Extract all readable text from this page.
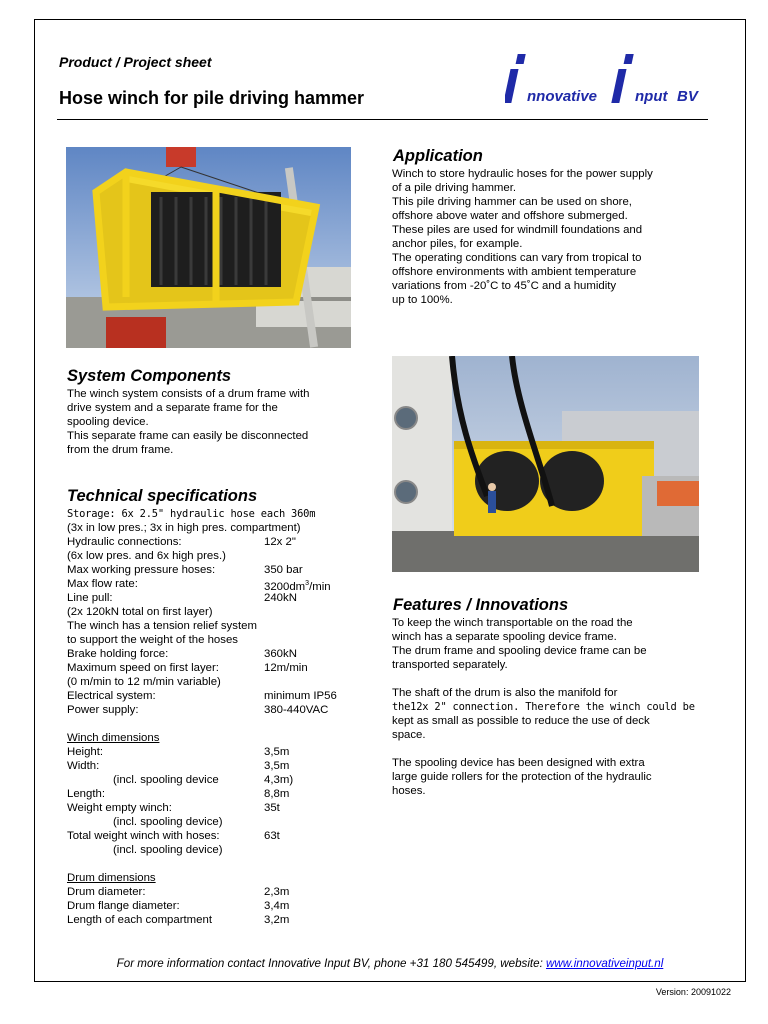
Product / Project sheet
Hose winch for pile driving hammer	nnovative	nput BV
Application
Winch to store hydraulic hoses for the power supply
of a pile driving hammer.
This pile driving hammer can be used on shore,
offshore above water and offshore submerged.
These piles are used for windmill foundations and
anchor piles, for example.
The operating conditions can vary from tropical to
offshore environments with ambient temperature
variations from -20˚C to 45˚C and a humidity
up to 100%.
System Components
The winch system consists of a drum frame with
drive system and a separate frame for the
spooling device.
This separate frame can easily be disconnected
from the drum frame.
Technical specifications
Storage: 6x 2.5" hydraulic hose each 360m
(3x in low pres.; 3x in high pres. compartment)
Hydraulic connections:	12x 2"
(6x low pres. and 6x high pres.)
Max working pressure hoses:	350 bar
Max flow rate:	$3200dm^3/\min$
Line pull:	240kN
(2x 120kN total on first layer)
The winch has a tension relief system
to support the weight of the hoses
Brake holding force:	360kN
Maximum speed on first layer:	12m/min
(0 m/min to 12 m/min variable)
Electrical system:	minimum IP56
Power supply:	380-440VAC
Winch dimensions
Height:	3,5m
Width:	3,5m
(incl. spooling device	4,3m)
Length:	8,8m
Weight empty winch:	35t
(incl. spooling device)
Total weight winch with hoses:	63t
(incl. spooling device)
Drum dimensions
Drum diameter:	2,3m
Drum flange diameter:	3,4m
Length of each compartment	3,2m
Features / Innovations
To keep the winch transportable on the road the
winch has a separate spooling device frame.
The drum frame and spooling device frame can be
transported separately.
The shaft of the drum is also the manifold for
the12x 2" connection. Therefore the winch could be
kept as small as possible to reduce the use of deck
space.
The spooling device has been designed with extra
large guide rollers for the protection of the hydraulic
hoses.
For more information contact Innovative Input BV, phone +31 180 545499, website: www.innovativeinput.nl
Version: 20091022
